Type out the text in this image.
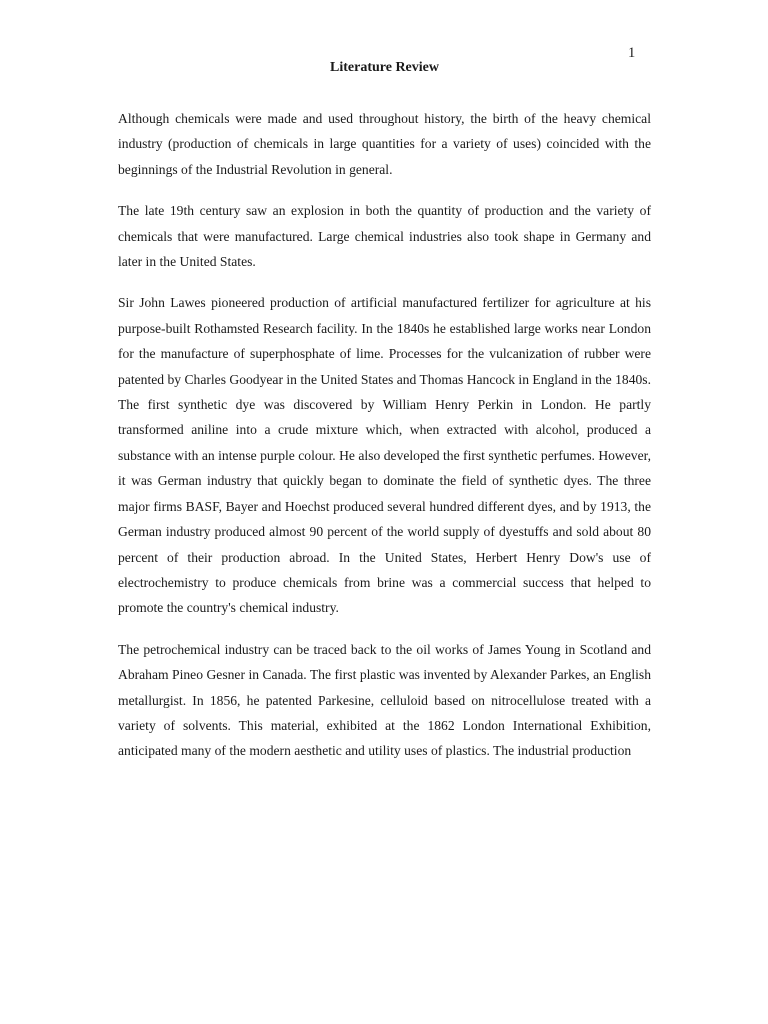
1
Literature Review

Although chemicals were made and used throughout history, the birth of the heavy chemical industry (production of chemicals in large quantities for a variety of uses) coincided with the beginnings of the Industrial Revolution in general.

The late 19th century saw an explosion in both the quantity of production and the variety of chemicals that were manufactured. Large chemical industries also took shape in Germany and later in the United States.

Sir John Lawes pioneered production of artificial manufactured fertilizer for agriculture at his purpose-built Rothamsted Research facility. In the 1840s he established large works near London for the manufacture of superphosphate of lime. Processes for the vulcanization of rubber were patented by Charles Goodyear in the United States and Thomas Hancock in England in the 1840s. The first synthetic dye was discovered by William Henry Perkin in London. He partly transformed aniline into a crude mixture which, when extracted with alcohol, produced a substance with an intense purple colour. He also developed the first synthetic perfumes. However, it was German industry that quickly began to dominate the field of synthetic dyes. The three major firms BASF, Bayer and Hoechst produced several hundred different dyes, and by 1913, the German industry produced almost 90 percent of the world supply of dyestuffs and sold about 80 percent of their production abroad. In the United States, Herbert Henry Dow's use of electrochemistry to produce chemicals from brine was a commercial success that helped to promote the country's chemical industry.

The petrochemical industry can be traced back to the oil works of James Young in Scotland and Abraham Pineo Gesner in Canada. The first plastic was invented by Alexander Parkes, an English metallurgist. In 1856, he patented Parkesine, celluloid based on nitrocellulose treated with a variety of solvents. This material, exhibited at the 1862 London International Exhibition, anticipated many of the modern aesthetic and utility uses of plastics. The industrial production
